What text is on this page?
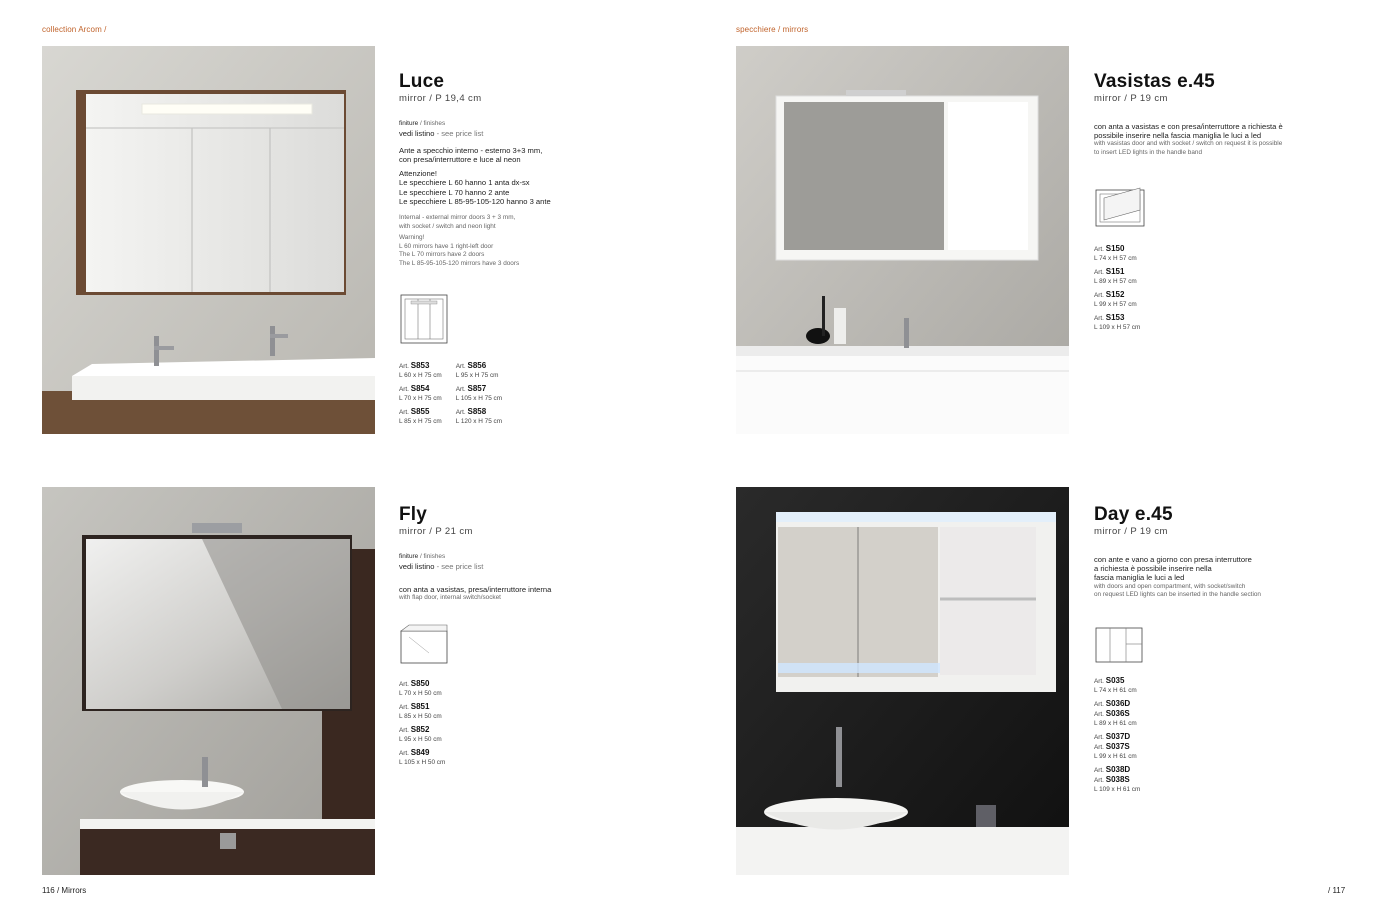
collection Arcom /	specchiere / mirrors
116 / Mirrors	/ 117
Luce
mirror / P 19,4 cm
finiture / finishes
vedi listino - see price list
Ante a specchio interno - esterno 3+3 mm,
con presa/interruttore e luce al neon
Attenzione!
Le specchiere L 60 hanno 1 anta dx-sx
Le specchiere L 70 hanno 2 ante
Le specchiere L 85-95-105-120 hanno 3 ante
Internal - external mirror doors 3 + 3 mm,
with socket / switch and neon light
Warning!
L 60 mirrors have 1 right-left door
The L 70 mirrors have 2 doors
The L 85-95-105-120 mirrors have 3 doors
Art. S853
L 60 x H 75 cm
Art. S854
L 70 x H 75 cm
Art. S855
L 85 x H 75 cm
Art. S856
L 95 x H 75 cm
Art. S857
L 105 x H 75 cm
Art. S858
L 120 x H 75 cm
Vasistas e.45
mirror / P 19 cm
con anta a vasistas e con presa/interruttore a richiesta è
possibile inserire nella fascia maniglia le luci a led
with vasistas door and with socket / switch on request it is possible
to insert LED lights in the handle band
Art. S150
L 74 x H 57 cm
Art. S151
L 89 x H 57 cm
Art. S152
L 99 x H 57 cm
Art. S153
L 109 x H 57 cm
Fly
mirror / P 21 cm
finiture / finishes
vedi listino - see price list
con anta a vasistas, presa/interruttore interna
with flap door, internal switch/socket
Art. S850
L 70 x H 50 cm
Art. S851
L 85 x H 50 cm
Art. S852
L 95 x H 50 cm
Art. S849
L 105 x H 50 cm
Day e.45
mirror / P 19 cm
con ante e vano a giorno con presa interruttore
a richiesta è possibile inserire nella
fascia maniglia le luci a led
with doors and open compartment, with socket/switch
on request LED lights can be inserted in the handle section
Art. S035
L 74 x H 61 cm
Art. S036D
Art. S036S
L 89 x H 61 cm
Art. S037D
Art. S037S
L 99 x H 61 cm
Art. S038D
Art. S038S
L 109 x H 61 cm
